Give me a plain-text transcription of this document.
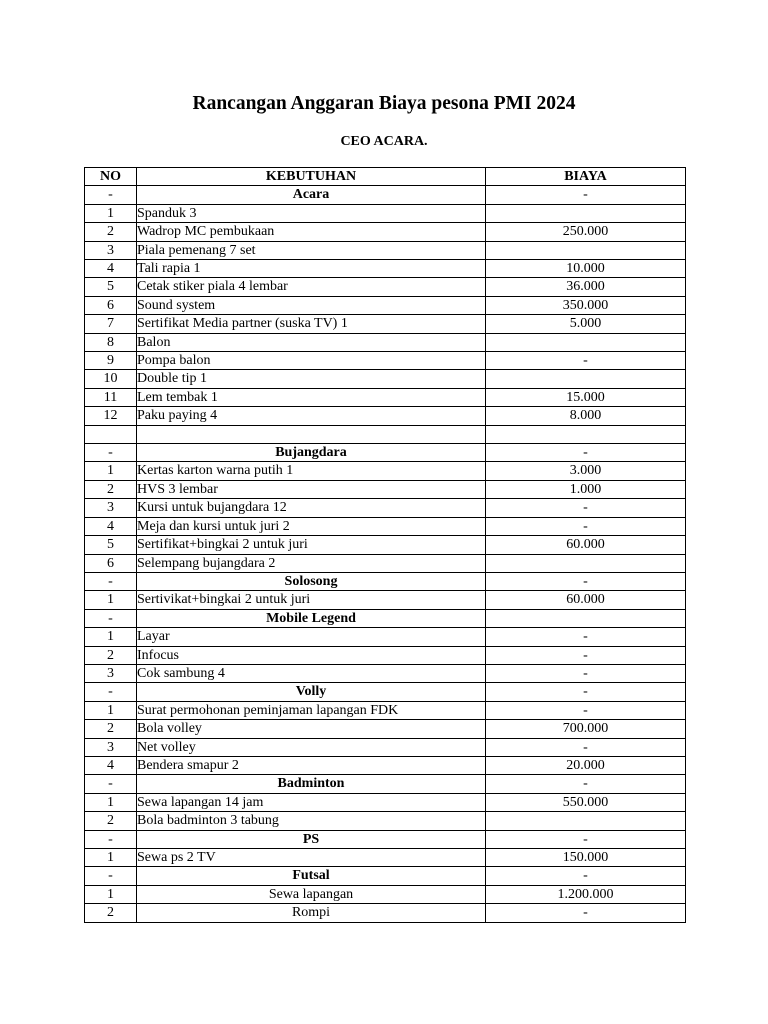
Rancangan Anggaran Biaya pesona PMI 2024
CEO ACARA.
NO	KEBUTUHAN	BIAYA
-	Acara	-
1	Spanduk 3	
2	Wadrop MC pembukaan	250.000
3	Piala pemenang 7 set	
4	Tali rapia 1	10.000
5	Cetak stiker piala 4 lembar	36.000
6	Sound system	350.000
7	Sertifikat Media partner (suska TV) 1	5.000
8	Balon	
9	Pompa balon	-
10	Double tip 1	
11	Lem tembak 1	15.000
12	Paku paying 4	8.000

-	Bujangdara	-
1	Kertas karton warna putih 1	3.000
2	HVS 3 lembar	1.000
3	Kursi untuk bujangdara 12	-
4	Meja dan kursi untuk juri 2	-
5	Sertifikat+bingkai 2 untuk juri	60.000
6	Selempang bujangdara 2	
-	Solosong	-
1	Sertivikat+bingkai 2 untuk juri	60.000
-	Mobile Legend	
1	Layar	-
2	Infocus	-
3	Cok sambung 4	-
-	Volly	-
1	Surat permohonan peminjaman lapangan FDK	-
2	Bola volley	700.000
3	Net volley	-
4	Bendera smapur 2	20.000
-	Badminton	-
1	Sewa lapangan 14 jam	550.000
2	Bola badminton 3 tabung	
-	PS	-
1	Sewa ps 2 TV	150.000
-	Futsal	-
1	Sewa lapangan	1.200.000
2	Rompi	-
